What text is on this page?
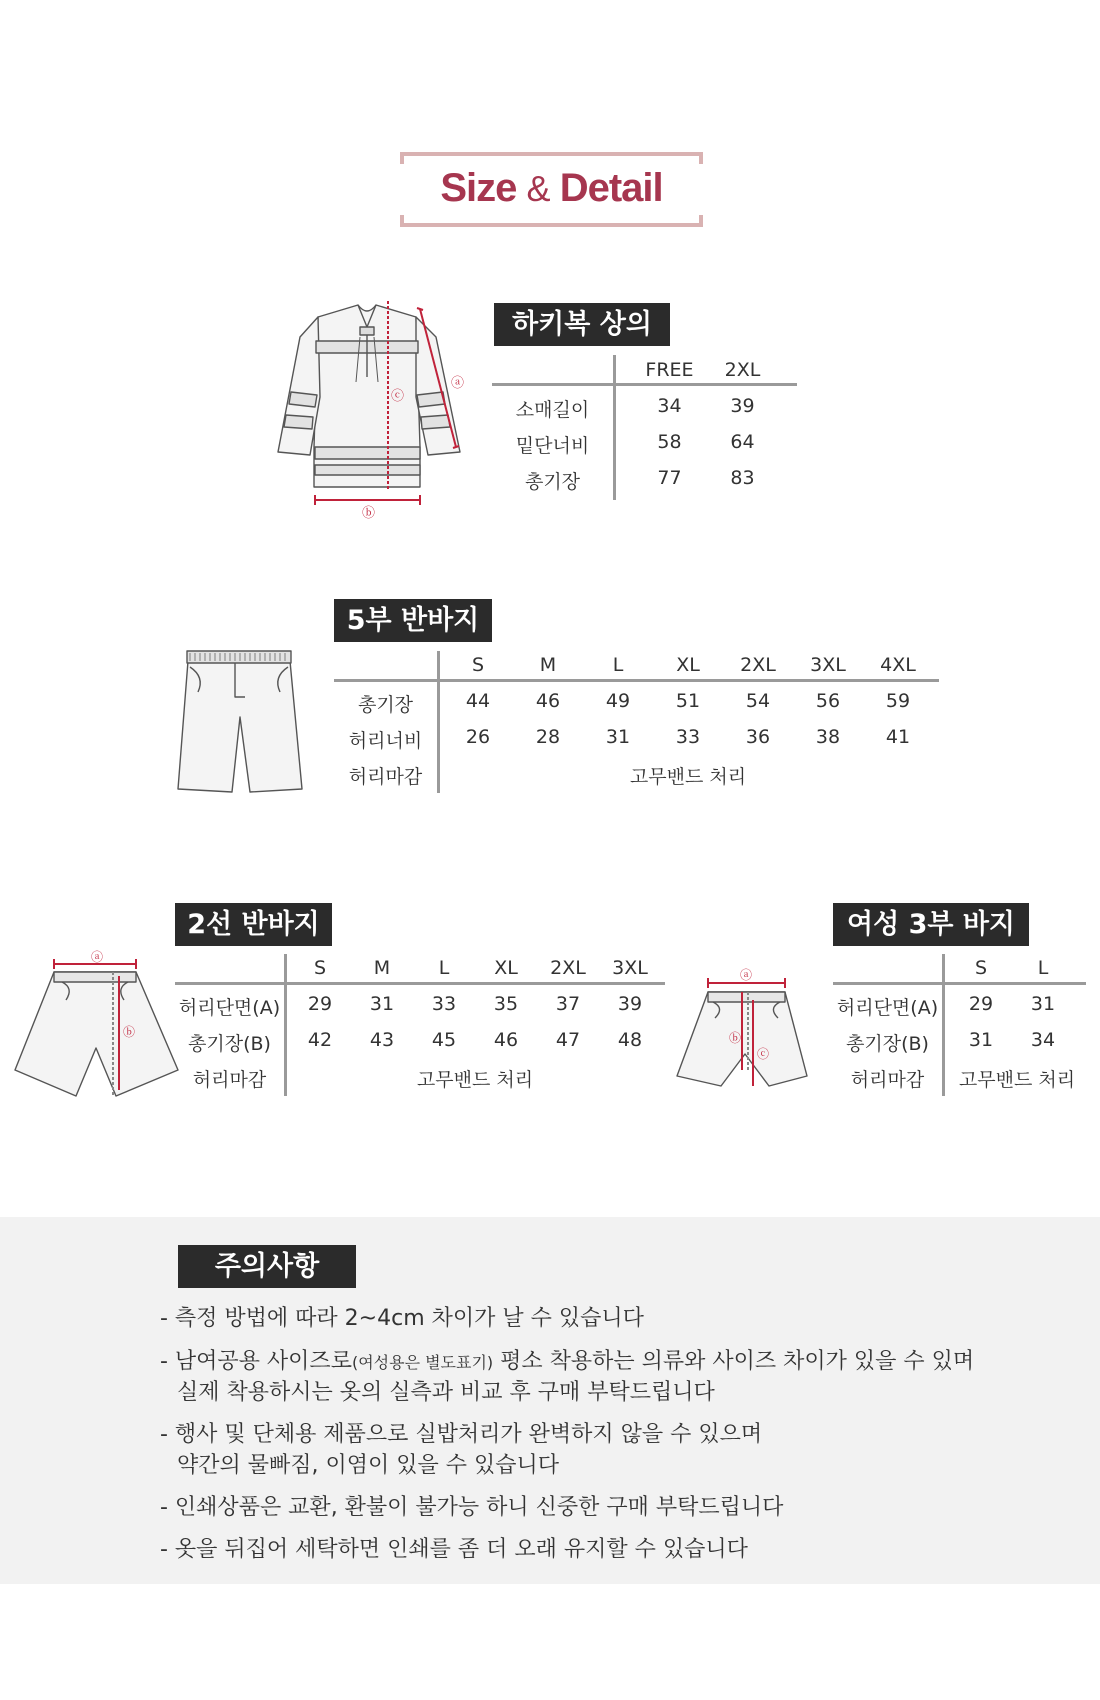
Size & Detail
ⓐ
ⓒ
ⓑ
하키복 상의
FREE	2XL
소매길이	34	39
밑단너비	58	64
총기장	77	83
5부 반바지
S	M	L	XL	2XL	3XL	4XL
총기장	44	46	49	51	54	56	59
허리너비	26	28	31	33	36	38	41
허리마감	고무밴드 처리
2선 반바지
ⓐ
ⓑ
S	M	L	XL	2XL	3XL
허리단면(A)	29	31	33	35	37	39
총기장(B)	42	43	45	46	47	48
허리마감	고무밴드 처리
여성 3부 바지
ⓐ
ⓑ
ⓒ
S	L
허리단면(A)	29	31
총기장(B)	31	34
허리마감	고무밴드 처리
주의사항
- 측정 방법에 따라 2~4cm 차이가 날 수 있습니다
- 남여공용 사이즈로(여성용은 별도표기) 평소 착용하는 의류와 사이즈 차이가 있을 수 있며
실제 착용하시는 옷의 실측과 비교 후 구매 부탁드립니다
- 행사 및 단체용 제품으로 실밥처리가 완벽하지 않을 수 있으며
약간의 물빠짐, 이염이 있을 수 있습니다
- 인쇄상품은 교환, 환불이 불가능 하니 신중한 구매 부탁드립니다
- 옷을 뒤집어 세탁하면 인쇄를 좀 더 오래 유지할 수 있습니다
